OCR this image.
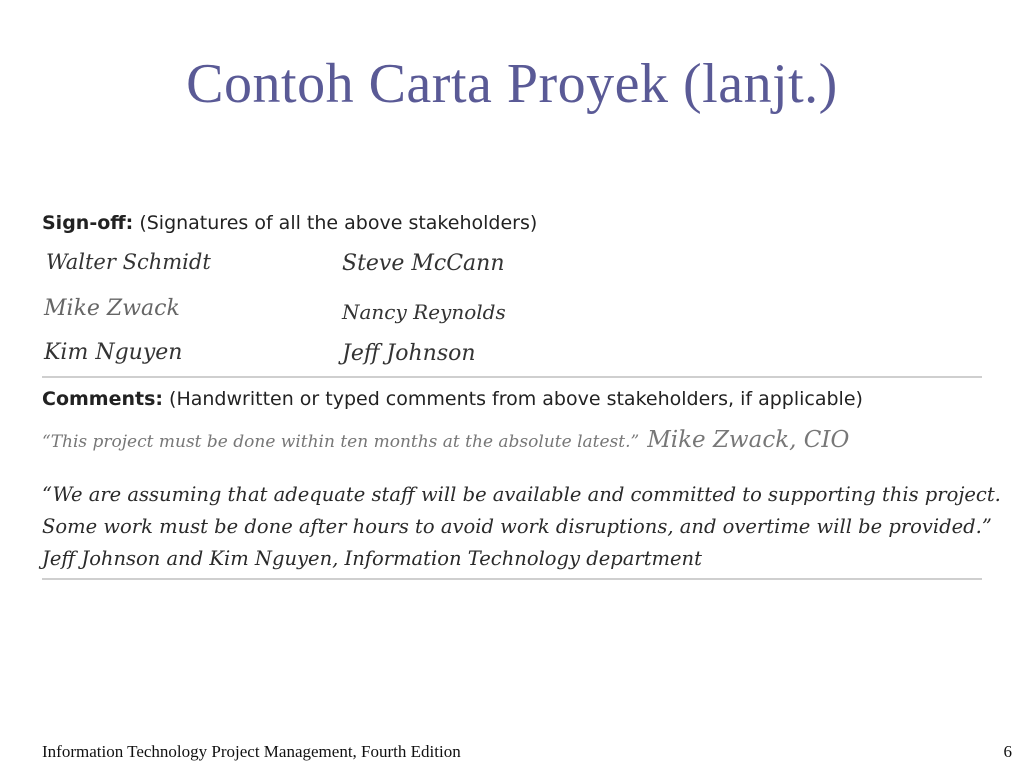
Contoh Carta Proyek (lanjt.)
Sign-off: (Signatures of all the above stakeholders)
Walter Schmidt	Steve McCann
Mike Zwack	Nancy Reynolds
Kim Nguyen	Jeff Johnson
Comments: (Handwritten or typed comments from above stakeholders, if applicable)
“This project must be done within ten months at the absolute latest.” Mike Zwack, CIO
“We are assuming that adequate staff will be available and committed to supporting this project.
Some work must be done after hours to avoid work disruptions, and overtime will be provided.”
Jeff Johnson and Kim Nguyen, Information Technology department
Information Technology Project Management, Fourth Edition	6
